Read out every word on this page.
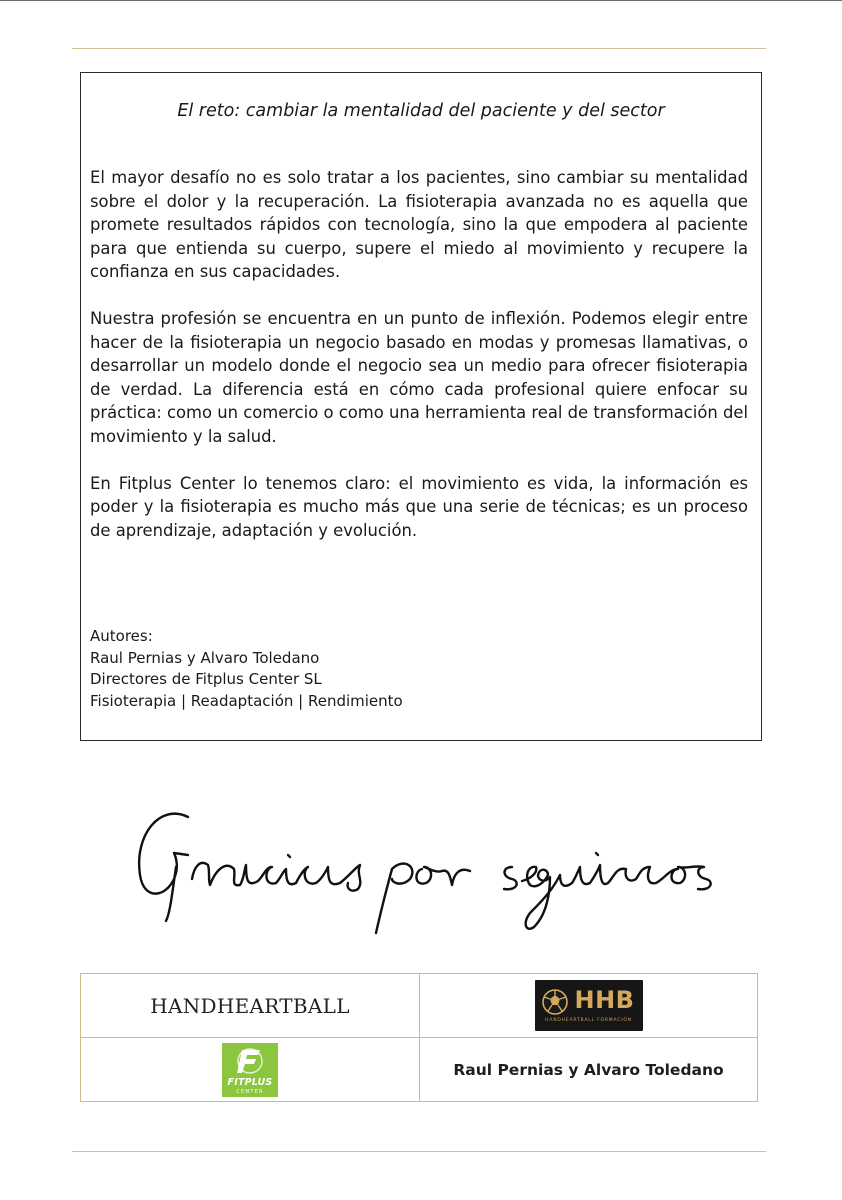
El reto: cambiar la mentalidad del paciente y del sector

El mayor desafío no es solo tratar a los pacientes, sino cambiar su mentalidad sobre el dolor y la recuperación. La fisioterapia avanzada no es aquella que promete resultados rápidos con tecnología, sino la que empodera al paciente para que entienda su cuerpo, supere el miedo al movimiento y recupere la confianza en sus capacidades.

Nuestra profesión se encuentra en un punto de inflexión. Podemos elegir entre hacer de la fisioterapia un negocio basado en modas y promesas llamativas, o desarrollar un modelo donde el negocio sea un medio para ofrecer fisioterapia de verdad. La diferencia está en cómo cada profesional quiere enfocar su práctica: como un comercio o como una herramienta real de transformación del movimiento y la salud.

En Fitplus Center lo tenemos claro: el movimiento es vida, la información es poder y la fisioterapia es mucho más que una serie de técnicas; es un proceso de aprendizaje, adaptación y evolución.

Autores:
Raul Pernias y Alvaro Toledano
Directores de Fitplus Center SL
Fisioterapia | Readaptación | Rendimiento
HANDHEARTBALL	HHB
HANDHEARTBALL FORMACIÓN
FITPLUS
CENTER
Raul Pernias y Alvaro Toledano
